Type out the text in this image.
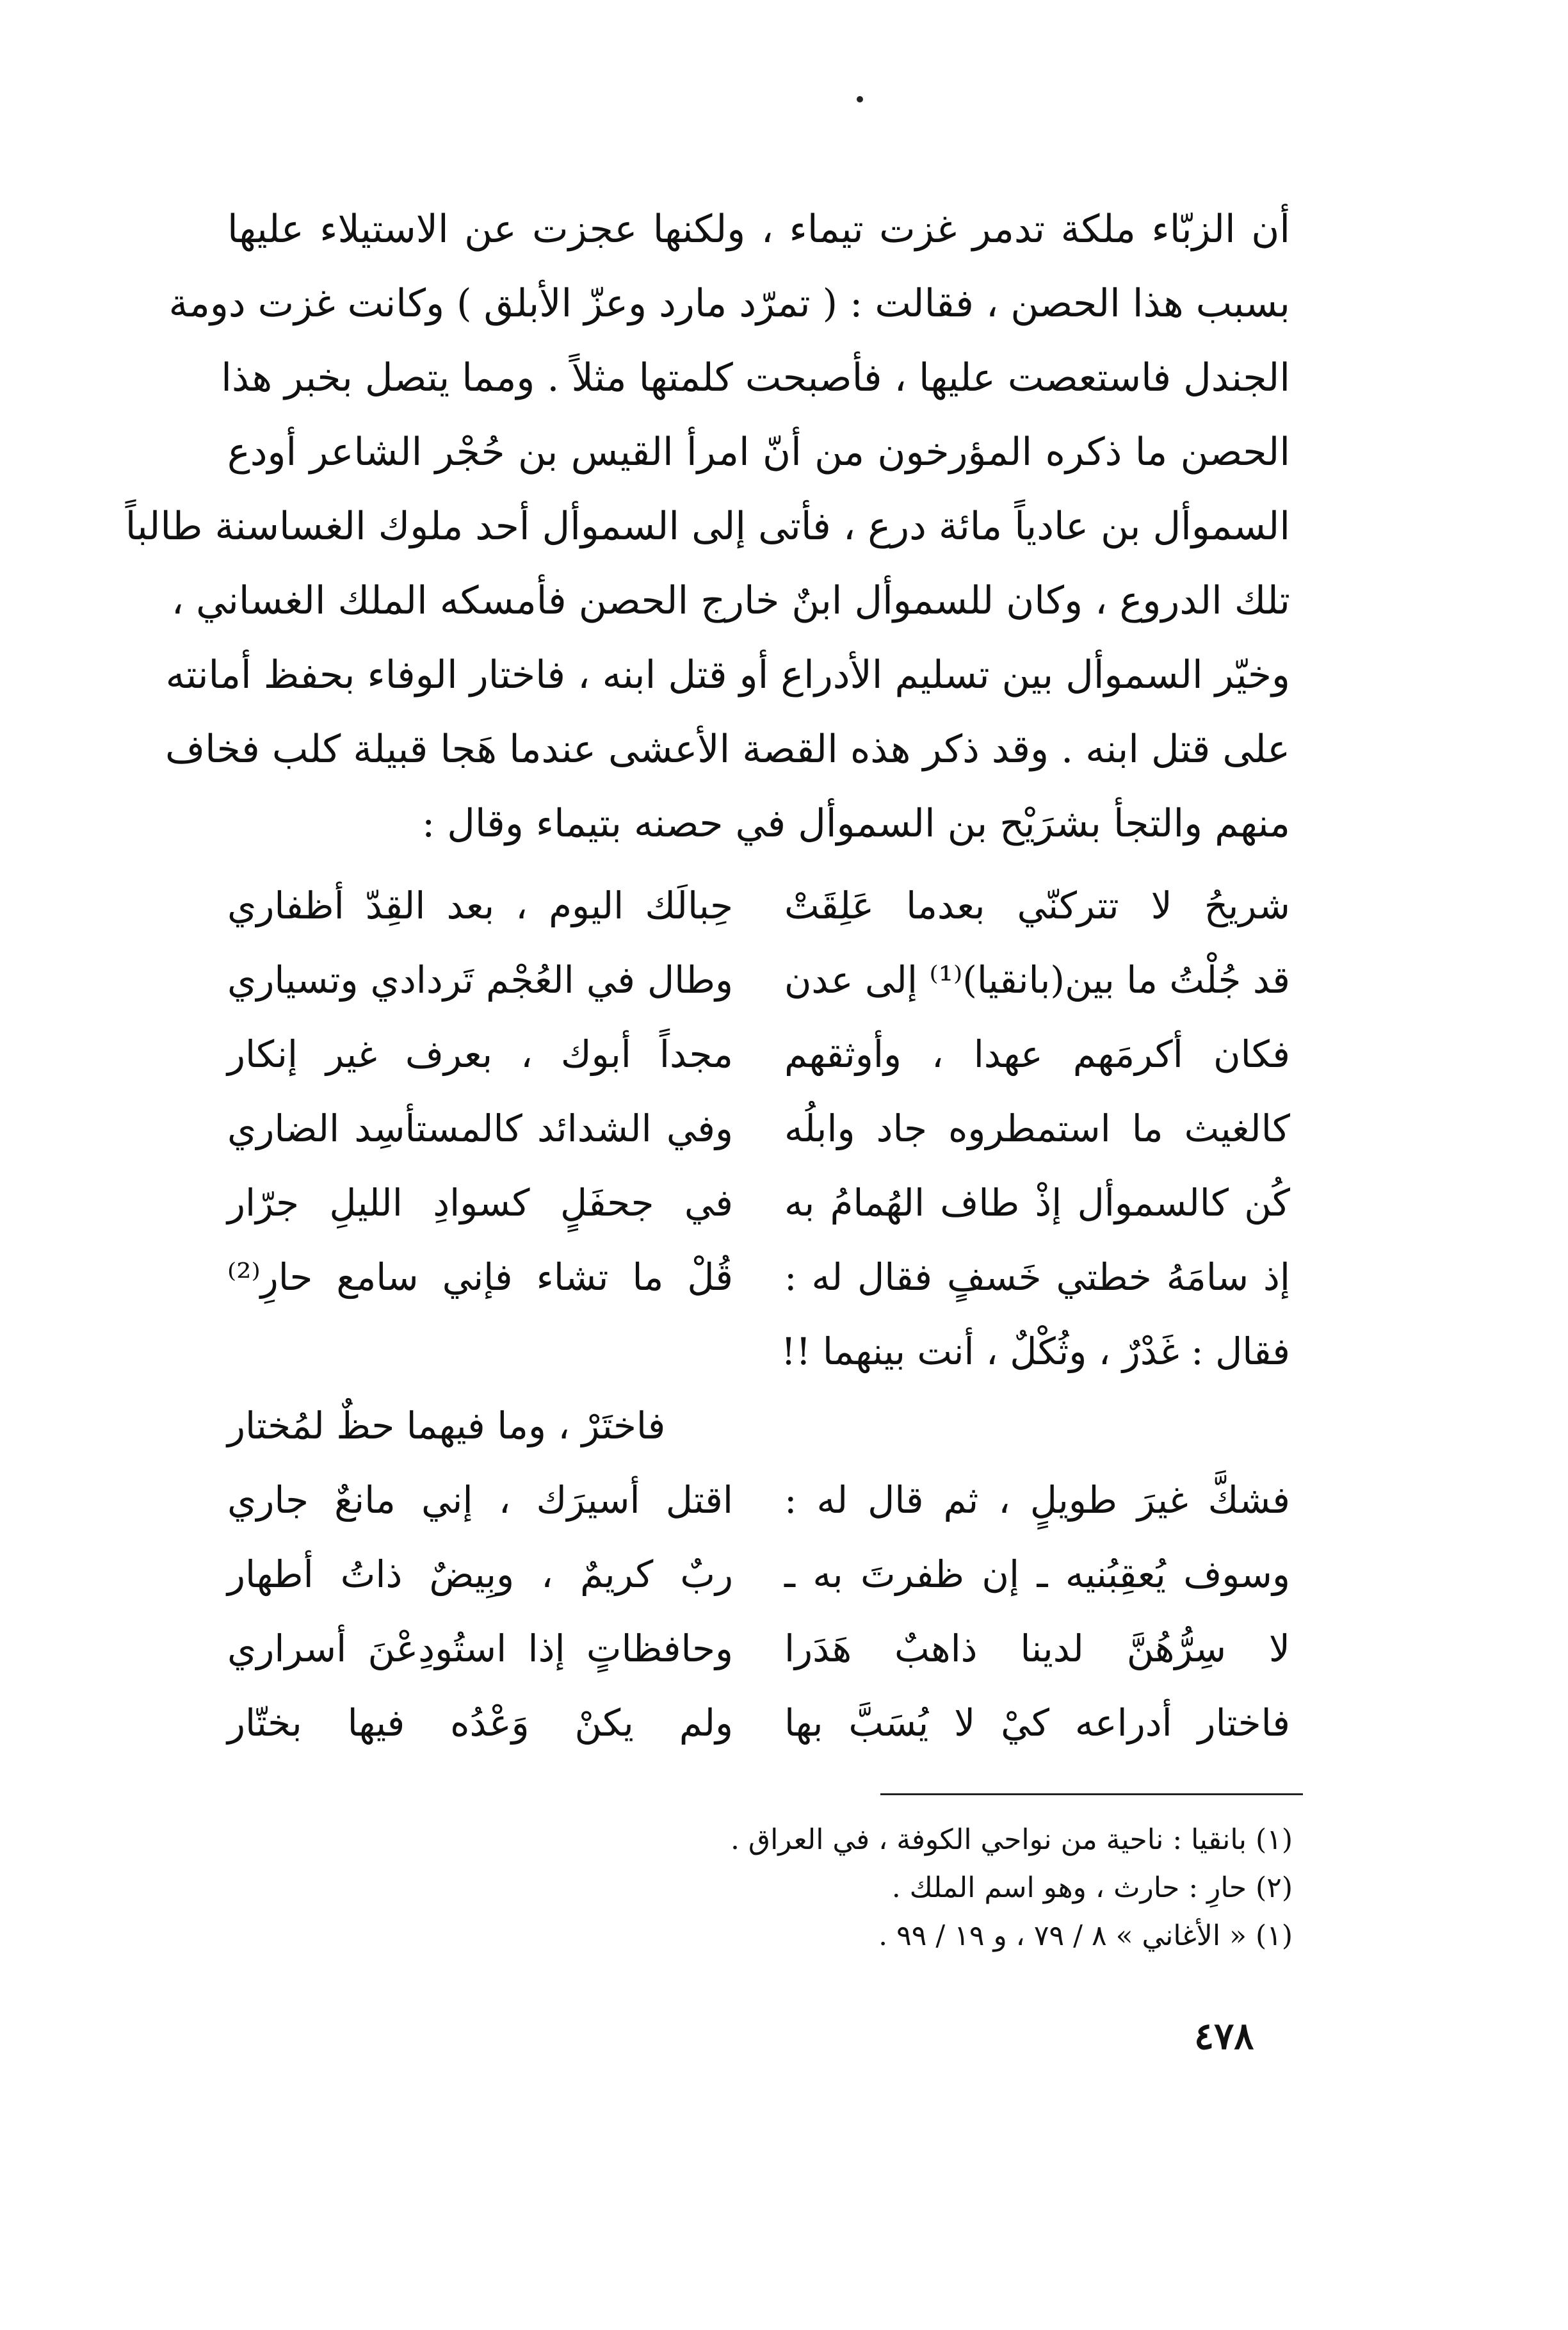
أن الزبّاء ملكة تدمر غزت تيماء ، ولكنها عجزت عن الاستيلاء عليها
بسبب هذا الحصن ، فقالت : ( تمرّد مارد وعزّ الأبلق ) وكانت غزت دومة
الجندل فاستعصت عليها ، فأصبحت كلمتها مثلاً . ومما يتصل بخبر هذا
الحصن ما ذكره المؤرخون من أنّ امرأ القيس بن حُجْر الشاعر أودع
السموأل بن عادياً مائة درع ، فأتى إلى السموأل أحد ملوك الغساسنة طالباً
تلك الدروع ، وكان للسموأل ابنٌ خارج الحصن فأمسكه الملك الغساني ،
وخيّر السموأل بين تسليم الأدراع أو قتل ابنه ، فاختار الوفاء بحفظ أمانته
على قتل ابنه . وقد ذكر هذه القصة الأعشى عندما هَجا قبيلة كلب فخاف
منهم والتجأ بشرَيْح بن السموأل في حصنه بتيماء وقال :
شريحُ لا تتركنّي بعدما عَلِقَتْ
حِبالَك اليوم ، بعد القِدّ أظفاري
قد جُلْتُ ما بين(بانقيا)⁽¹⁾ إلى عدن
وطال في العُجْم تَردادي وتسياري
فكان أكرمَهم عهدا ، وأوثقهم
مجداً أبوك ، بعرف غير إنكار
كالغيث ما استمطروه جاد وابلُه
وفي الشدائد كالمستأسِد الضاري
كُن كالسموأل إذْ طاف الهُمامُ به
في جحفَلٍ كسوادِ الليلِ جرّار
إذ سامَهُ خطتي خَسفٍ فقال له :
قُلْ ما تشاء فإني سامع حارِ⁽²⁾
فقال : غَدْرٌ ، وثُكْلٌ ، أنت بينهما !!
فاختَرْ ، وما فيهما حظٌ لمُختار
فشكَّ غيرَ طويلٍ ، ثم قال له :
اقتل أسيرَك ، إني مانعٌ جاري
وسوف يُعقِبُنيه ـ إن ظفرتَ به ـ
ربٌ كريمٌ ، وبِيضٌ ذاتُ أطهار
لا سِرُّهُنَّ لدينا ذاهبٌ هَدَرا
وحافظاتٍ إذا استُودِعْنَ أسراري
فاختار أدراعه كيْ لا يُسَبَّ بها
ولم يكنْ وَعْدُه فيها بختّار
(١) بانقيا : ناحية من نواحي الكوفة ، في العراق .
(٢) حارِ : حارث ، وهو اسم الملك .
(١) « الأغاني » ٨ / ٧٩ ، و ١٩ / ٩٩ .
٤٧٨
